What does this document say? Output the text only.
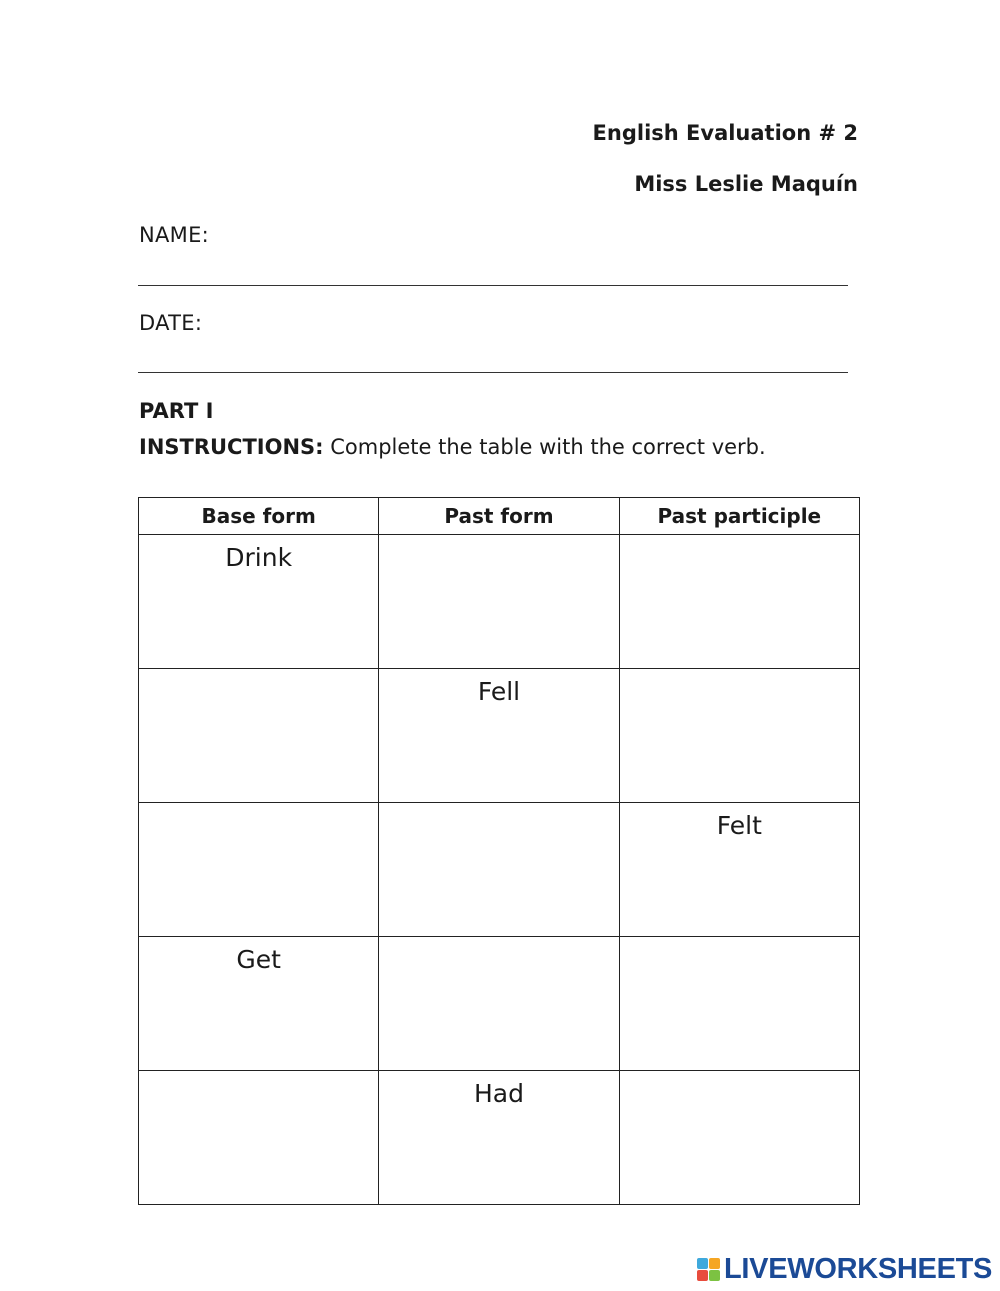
English Evaluation # 2
Miss Leslie Maquín
NAME:
DATE:
PART I
INSTRUCTIONS: Complete the table with the correct verb.
Base form	Past form	Past participle
Drink		
	Fell	
		Felt
Get		
	Had	
LIVEWORKSHEETS
